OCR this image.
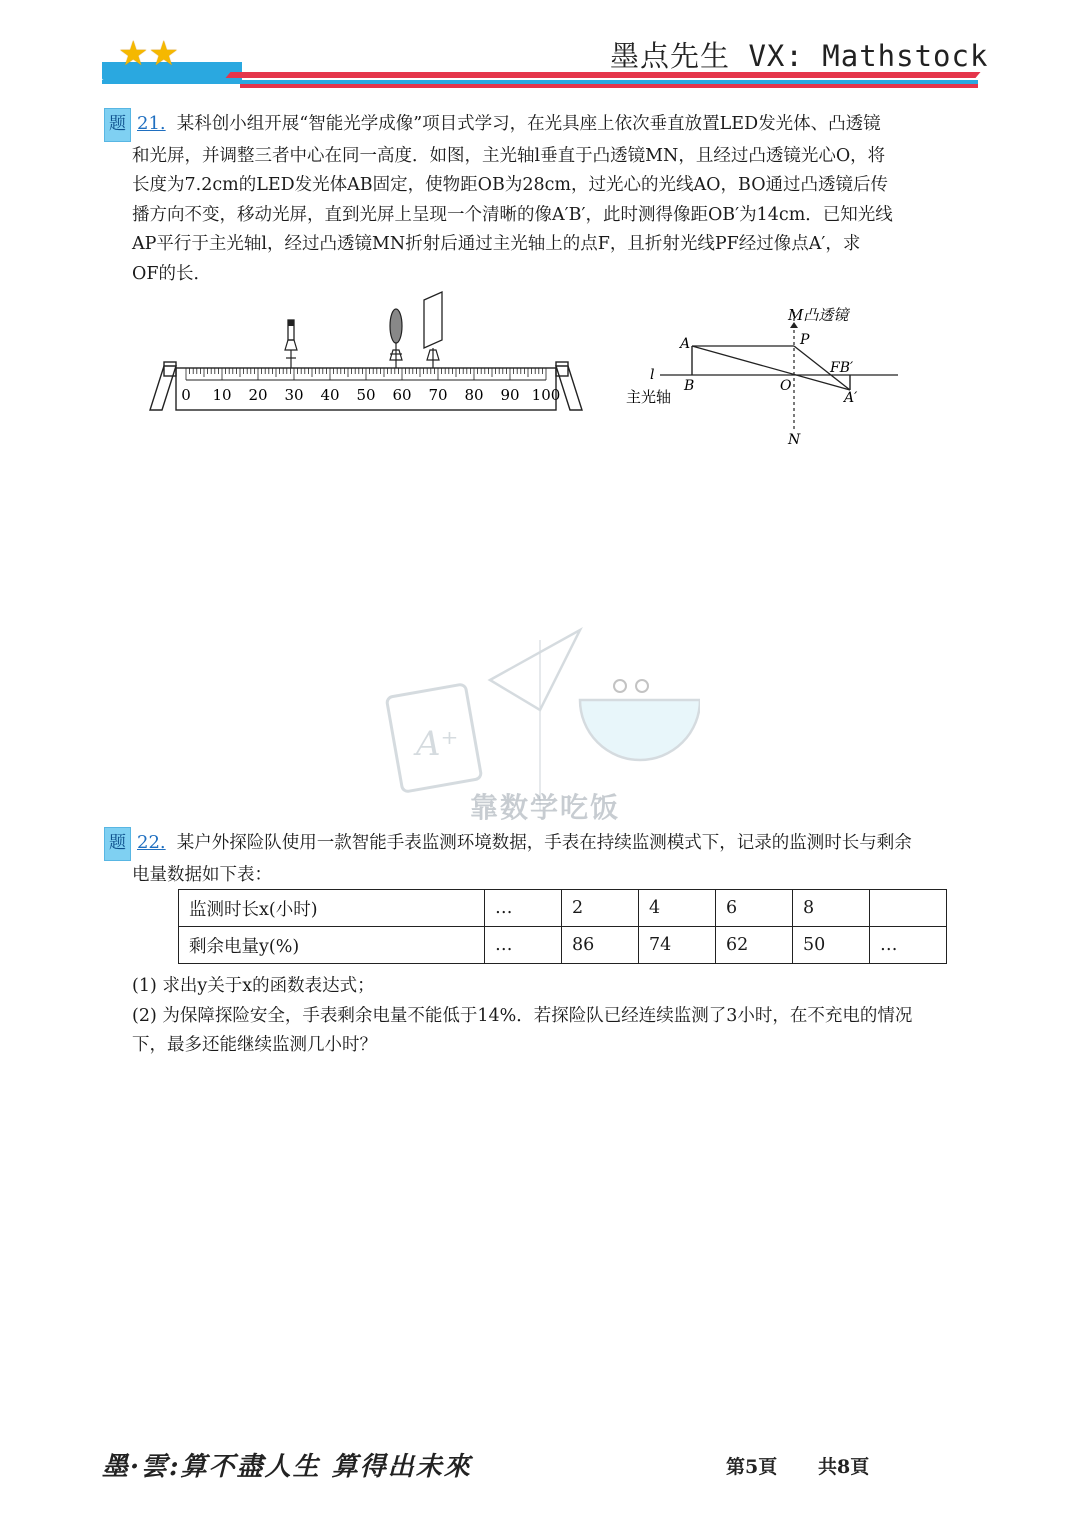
★★	墨点先生 VX: Mathstock
题 21. 某科创小组开展“智能光学成像”项目式学习，在光具座上依次垂直放置LED发光体、凸透镜
和光屏，并调整三者中心在同一高度．如图，主光轴l垂直于凸透镜MN，且经过凸透镜光心O，将
长度为7.2cm的LED发光体AB固定，使物距OB为28cm，过光心的光线AO，BO通过凸透镜后传
播方向不变，移动光屏，直到光屏上呈现一个清晰的像A′B′，此时测得像距OB′为14cm．已知光线
AP平行于主光轴l，经过凸透镜MN折射后通过主光轴上的点F，且折射光线PF经过像点A′，求
OF的长．
0 10 20 30 40 50 60 70 80 90 100
M凸透镜
P
A
l
B	O
FB′
A′
主光轴
N
A⁺
靠数学吃饭
题 22. 某户外探险队使用一款智能手表监测环境数据，手表在持续监测模式下，记录的监测时长与剩余
电量数据如下表：
监测时长x(小时)	…	2	4	6	8	
剩余电量y(%)	…	86	74	62	50	…
(1) 求出y关于x的函数表达式；
(2) 为保障探险安全，手表剩余电量不能低于14%．若探险队已经连续监测了3小时，在不充电的情况
下，最多还能继续监测几小时？
墨·雲:算不盡人生 算得出未來	第5頁 共8頁
